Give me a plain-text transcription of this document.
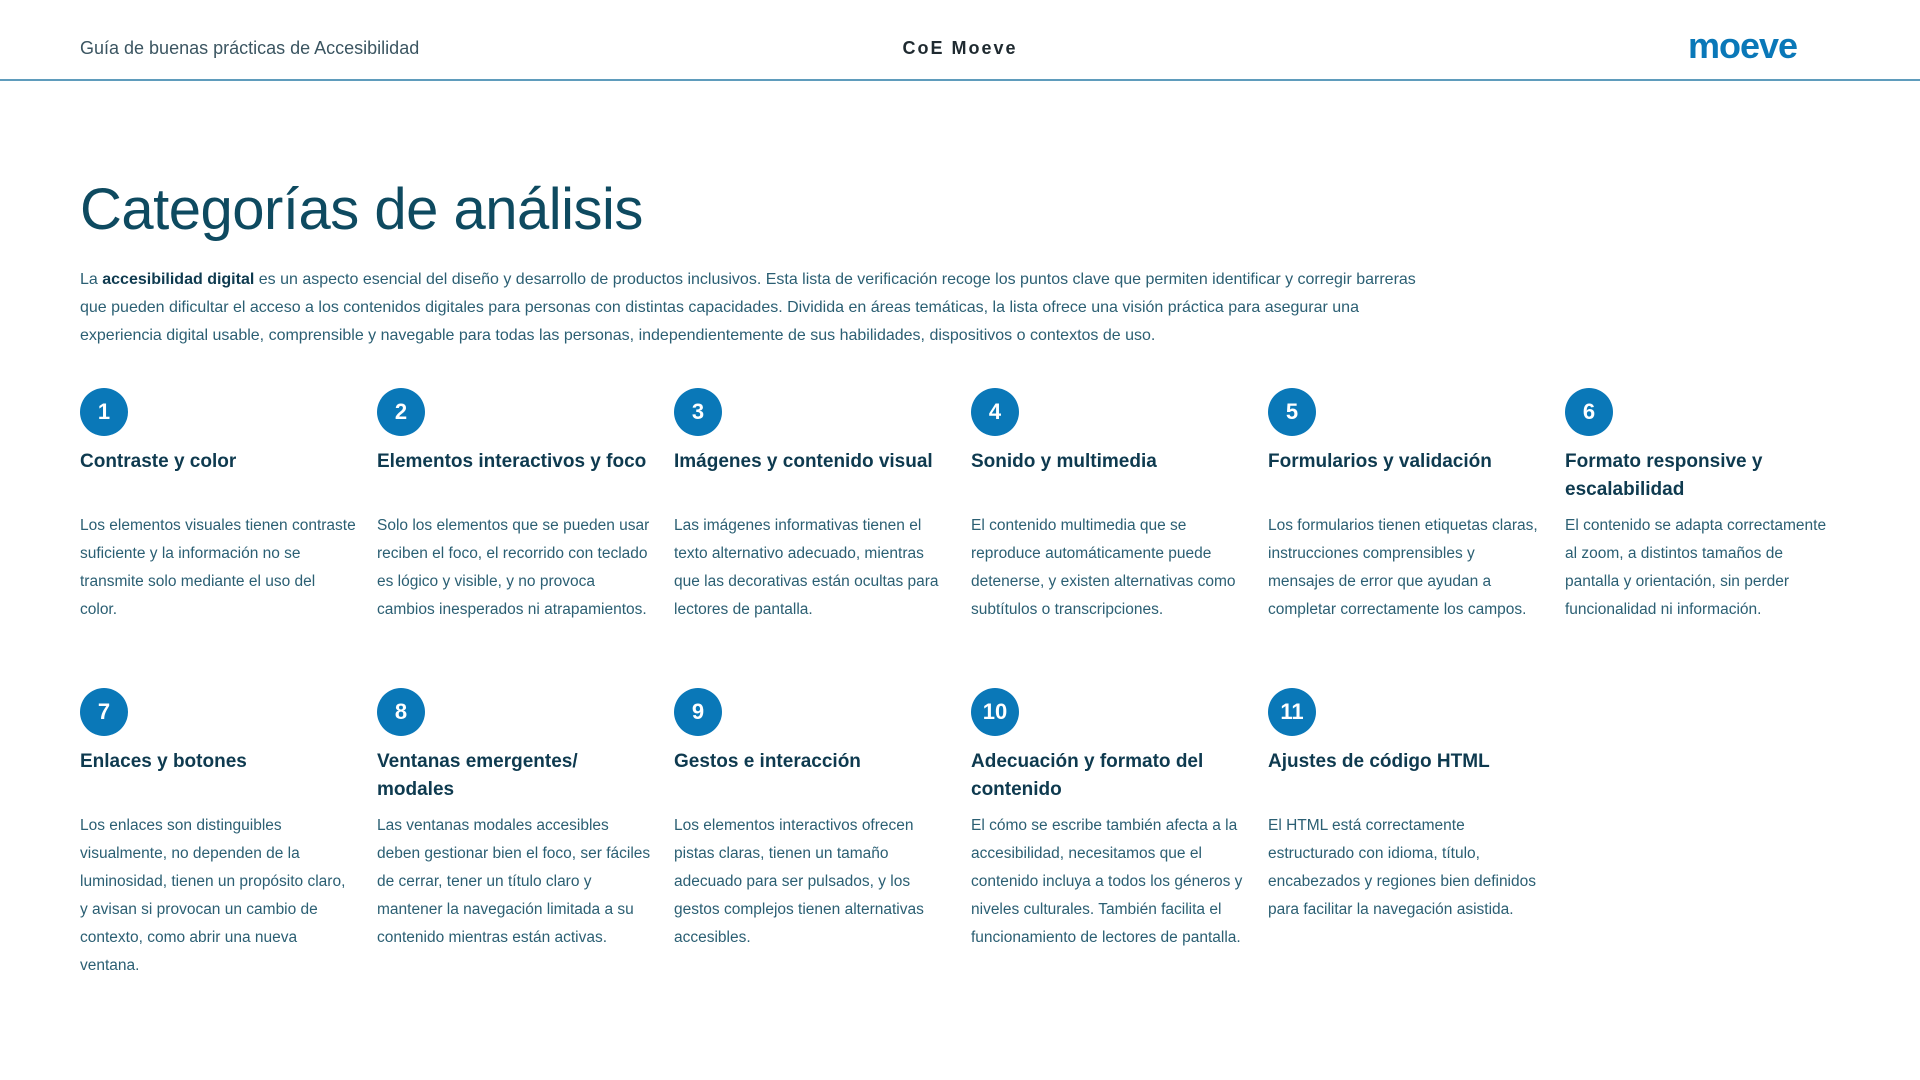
Guía de buenas prácticas de Accesibilidad	CoE Moeve	moeve
Categorías de análisis
La accesibilidad digital es un aspecto esencial del diseño y desarrollo de productos inclusivos. Esta lista de verificación recoge los puntos clave que permiten identificar y corregir barreras que pueden dificultar el acceso a los contenidos digitales para personas con distintas capacidades. Dividida en áreas temáticas, la lista ofrece una visión práctica para asegurar una experiencia digital usable, comprensible y navegable para todas las personas, independientemente de sus habilidades, dispositivos o contextos de uso.
1
Contraste y color

Los elementos visuales tienen contraste suficiente y la información no se transmite solo mediante el uso del color.

2
Elementos interactivos y foco

Solo los elementos que se pueden usar reciben el foco, el recorrido con teclado es lógico y visible, y no provoca cambios inesperados ni atrapamientos.

3
Imágenes y contenido visual

Las imágenes informativas tienen el texto alternativo adecuado, mientras que las decorativas están ocultas para lectores de pantalla.

4
Sonido y multimedia

El contenido multimedia que se reproduce automáticamente puede detenerse, y existen alternativas como subtítulos o transcripciones.

5
Formularios y validación

Los formularios tienen etiquetas claras, instrucciones comprensibles y mensajes de error que ayudan a completar correctamente los campos.

6
Formato responsive y escalabilidad

El contenido se adapta correctamente al zoom, a distintos tamaños de pantalla y orientación, sin perder funcionalidad ni información.

7
Enlaces y botones

Los enlaces son distinguibles visualmente, no dependen de la luminosidad, tienen un propósito claro, y avisan si provocan un cambio de contexto, como abrir una nueva ventana.

8
Ventanas emergentes/ modales

Las ventanas modales accesibles deben gestionar bien el foco, ser fáciles de cerrar, tener un título claro y mantener la navegación limitada a su contenido mientras están activas.

9
Gestos e interacción

Los elementos interactivos ofrecen pistas claras, tienen un tamaño adecuado para ser pulsados, y los gestos complejos tienen alternativas accesibles.

10
Adecuación y formato del contenido

El cómo se escribe también afecta a la accesibilidad, necesitamos que el contenido incluya a todos los géneros y niveles culturales. También facilita el funcionamiento de lectores de pantalla.

11
Ajustes de código HTML

El HTML está correctamente estructurado con idioma, título, encabezados y regiones bien definidos para facilitar la navegación asistida.
